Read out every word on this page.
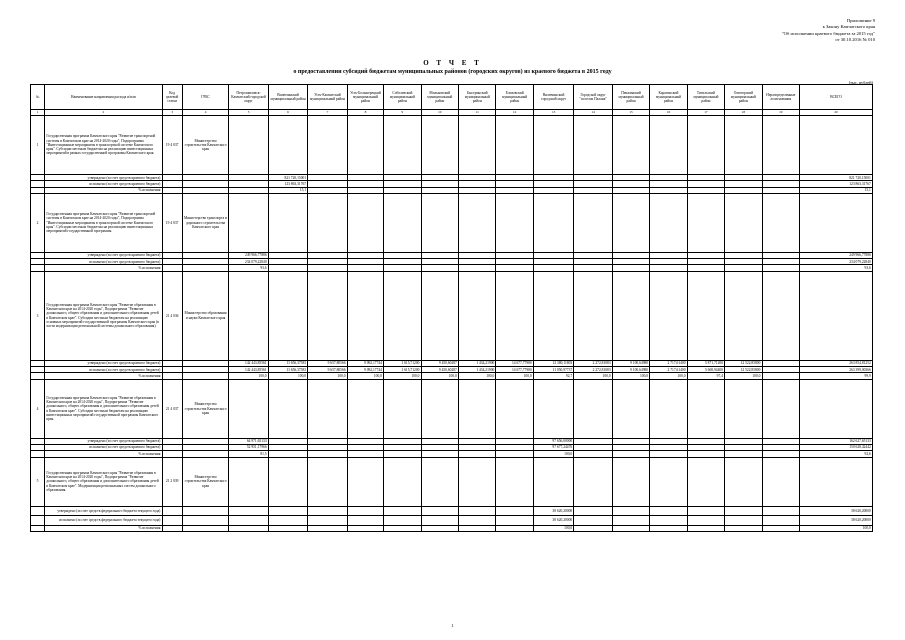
Приложение 9
к Закону Камчатского края
"Об исполнении краевого бюджета за 2015 год"
от 30.10.2016 № 010
О Т Ч Е Т
о предоставлении субсидий бюджетам муниципальных районов (городских округов) из краевого бюджета в 2015 году
(тыс. рублей)
№	Наименование направления расхода и/или	Код целевой статьи	ГРБС	Петропавловск-Камчатский городской округ	Вилючинский муниципальный район	Усть-Камчатский муниципальный район	Усть-Большерецкий муниципальный район	Соболевский муниципальный район	Мильковский муниципальный район	Быстринский муниципальный район	Елизовский муниципальный район	Вилючинский городской округ	Городской округ "поселок Палана"	Пенжинский муниципальный район	Карагинский муниципальный район	Тигильский муниципальный район	Олюторский муниципальный район	Нераспределенные ассигнования	ВСЕГО
1	2	3	4	5	6	7	8	9	10	11	12	13	14	15	16	17	18	19	20
1	Государственная программа Камчатского края "Развитие транспортной системы в Камчатском крае на 2014-2020 годы", Подпрограмма "Инвестиционные мероприятия в транспортной системе Камчатского края". Субсидии местным бюджетам на реализацию инвестиционных мероприятий в рамках государственной программы Камчатского края.	19 4 037	Министерство строительства Камчатского края																
	утверждено (за счет средств краевого бюджета)				821 720,15001														821 720,15001
	исполнено (за счет средств краевого бюджета)				123 863,31767														123 863,31767
	% исполнения				15,1														15,1
2	Государственная программа Камчатского края "Развитие транспортной системы в Камчатском крае на 2014-2020 годы", Подпрограмма "Инвестиционные мероприятия в транспортной системе Камчатского края". Субсидии местным бюджетам на реализацию инвестиционных мероприятий государственной программы.	19 4 037	Министерство транспорта и дорожного строительства Камчатского края																
	утверждено (за счет средств краевого бюджета)			249 966,77886															249 966,77886
	исполнено (за счет средств краевого бюджета)			234 079,22840															234 079,22840
	% исполнения			93,6															93,6
3	Государственная программа Камчатского края "Развитие образования в Камчатском крае на 2014-2020 годы", Подпрограмма "Развитие дошкольного, общего образования и дополнительного образования детей в Камчатском крае". Субсидии местным бюджетам на реализацию основных мероприятий государственной программы Камчатского края (в части модернизации региональной системы дошкольного образования).	21 4 036	Министерство образования и науки Камчатского края																
	утверждено (за счет средств краевого бюджета)			142 443,85561	11 656,37583	9 657,80566	9 092,17744	1 615,71200	9 450,60287	1 434,21900	14 677,77980	12 380,11803	2 272,81083	9 100,64980	2 717,61400	5 871,71200	12 522,85800		263 854,81252
	исполнено (за счет средств краевого бюджета)			142 443,85561	11 656,37583	9 657,80566	9 092,17744	1 615,71200	9 450,60287	1 434,21900	14 677,77980	11 050,97737	2 272,81083	9 100,64980	2 717,61400	5 668,94400	12 522,85800		263 399,00366
	% исполнения			100,0	100,0	100,0	100,0	100,0	100,0	100,0	100,0	92,7	100,0	100,0	100,0	97,4	100,0		99,9
4	Государственная программа Камчатского края "Развитие образования в Камчатском крае на 2014-2020 годы", Подпрограмма "Развитие дошкольного, общего образования и дополнительного образования детей в Камчатском крае". Субсидии местным бюджетам на реализацию инвестиционных мероприятий государственной программы Камчатского края.	21 4 037	Министерство строительства Камчатского края																
	утверждено (за счет средств краевого бюджета)			64 971,65133								97 656,00000							162 627,65133
	исполнено (за счет средств краевого бюджета)			52 951,17966								97 677,24476							150 628,42442
	% исполнения			81,5								100,0							92,6
5	Государственная программа Камчатского края "Развитие образования в Камчатском крае на 2014-2020 годы", Подпрограмма "Развитие дошкольного, общего образования и дополнительного образования детей в Камчатском крае". Модернизация региональных систем дошкольного образования.	21 2 039	Министерство строительства Камчатского края																
	утверждено (за счет средств федерального бюджета текущего года)											38 620,20000							38 620,20000
	исполнено (за счет средств федерального бюджета текущего года)											38 620,20000							38 620,20000
	% исполнения											100,0							100,0
1
